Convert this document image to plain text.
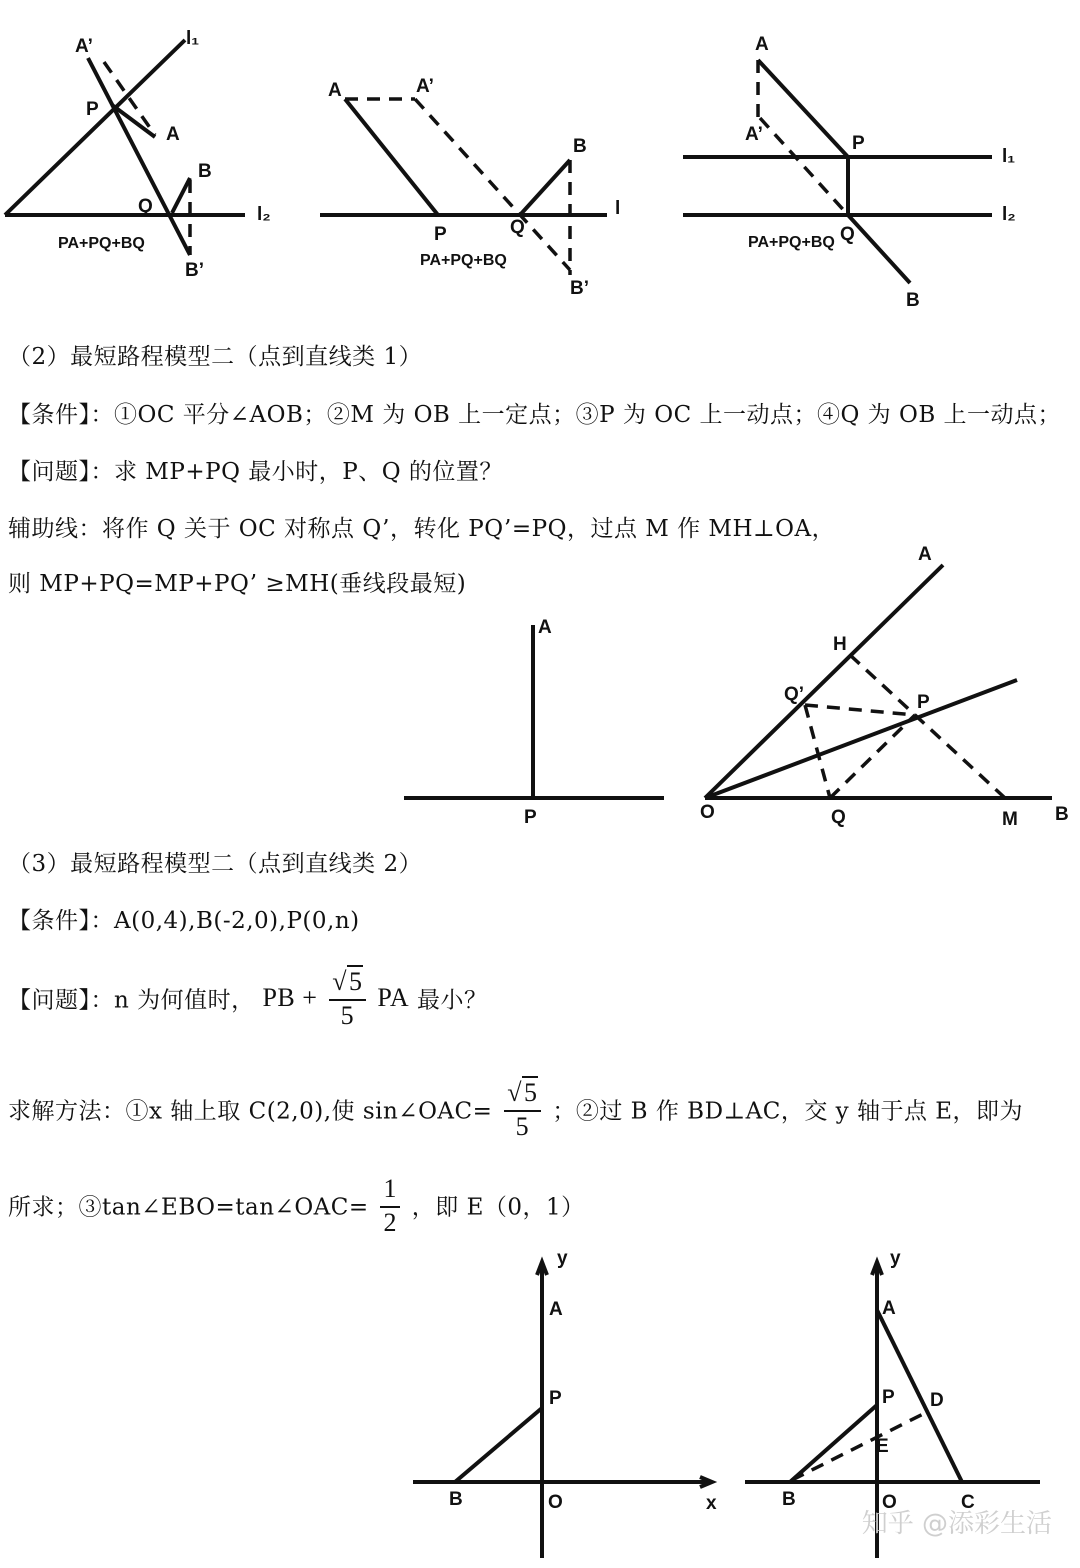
A’	l₁
P
A
B
Q	l₂
B’
PA+PQ+BQ
A	A’
B
l
P	Q
B’
PA+PQ+BQ
A
A’	P
l₁
l₂
Q
B
PA+PQ+BQ
A
P
A
H
Q’	P
O	Q	M B
y
A
P
B	O	x
y
A
P D
E
B	O	C
（2）最短路程模型二（点到直线类 1）
【条件】：①OC 平分∠AOB；②M 为 OB 上一定点；③P 为 OC 上一动点；④Q 为 OB 上一动点；
【问题】：求 MP+PQ 最小时，P、Q 的位置？
辅助线：将作 Q 关于 OC 对称点 Q’，转化 PQ’=PQ，过点 M 作 MH⊥OA，
则 MP+PQ=MP+PQ’ ≥MH(垂线段最短)
（3）最短路程模型二（点到直线类 2）
【条件】：A(0,4),B(-2,0),P(0,n)
【问题】：n 为何值时， PB + $\frac{√5}{5}$ PA 最小？
求解方法：①x 轴上取 C(2,0),使 sin∠OAC= $\frac{√5}{5}$ ；②过 B 作 BD⊥AC，交 y 轴于点 E，即为
所求；③tan∠EBO=tan∠OAC= $\frac{1}{2}$ ，即 E（0，1）
知乎 @添彩生活
